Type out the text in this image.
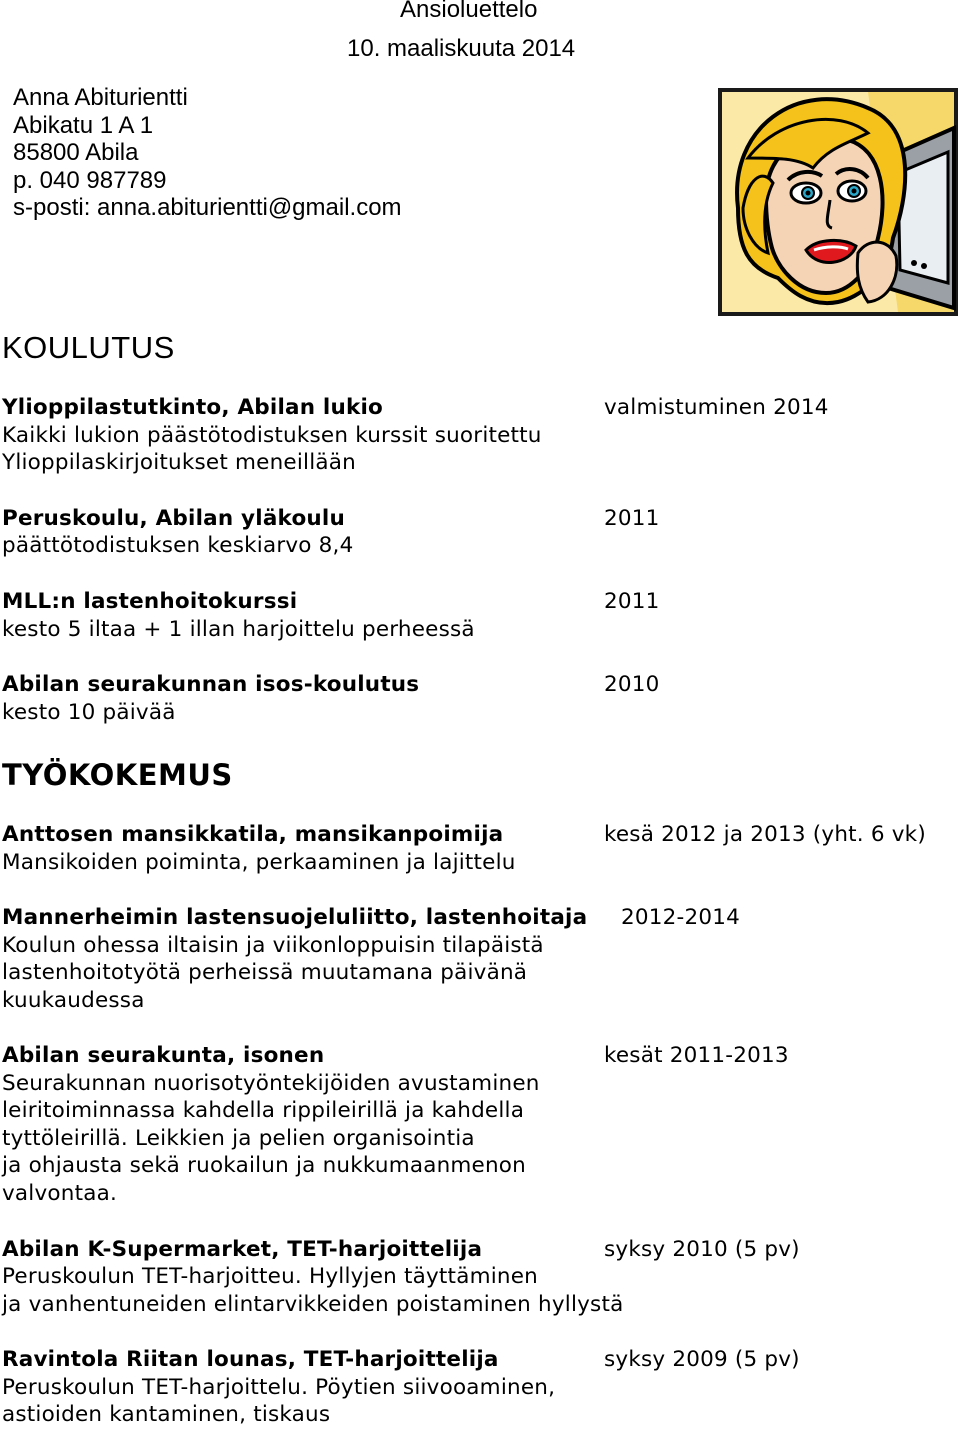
Ansioluettelo
10. maaliskuuta 2014
Anna Abiturientti
Abikatu 1 A 1
85800 Abila
p. 040 987789
s-posti: anna.abiturientti@gmail.com
KOULUTUS
Ylioppilastutkinto, Abilan lukio	valmistuminen 2014
Kaikki lukion päästötodistuksen kurssit suoritettu
Ylioppilaskirjoitukset meneillään
Peruskoulu, Abilan yläkoulu	2011
päättötodistuksen keskiarvo 8,4
MLL:n lastenhoitokurssi	2011
kesto 5 iltaa + 1 illan harjoittelu perheessä
Abilan seurakunnan isos-koulutus	2010
kesto 10 päivää
TYÖKOKEMUS
Anttosen mansikkatila, mansikanpoimija	kesä 2012 ja 2013 (yht. 6 vk)
Mansikoiden poiminta, perkaaminen ja lajittelu
Mannerheimin lastensuojeluliitto, lastenhoitaja 2012-2014
Koulun ohessa iltaisin ja viikonloppuisin tilapäistä
lastenhoitotyötä perheissä muutamana päivänä
kuukaudessa
Abilan seurakunta, isonen	kesät 2011-2013
Seurakunnan nuorisotyöntekijöiden avustaminen
leiritoiminnassa kahdella rippileirillä ja kahdella
tyttöleirillä. Leikkien ja pelien organisointia
ja ohjausta sekä ruokailun ja nukkumaanmenon
valvontaa.
Abilan K-Supermarket, TET-harjoittelija	syksy 2010 (5 pv)
Peruskoulun TET-harjoitteu. Hyllyjen täyttäminen
ja vanhentuneiden elintarvikkeiden poistaminen hyllystä
Ravintola Riitan lounas, TET-harjoittelija	syksy 2009 (5 pv)
Peruskoulun TET-harjoittelu. Pöytien siivooaminen,
astioiden kantaminen, tiskaus
